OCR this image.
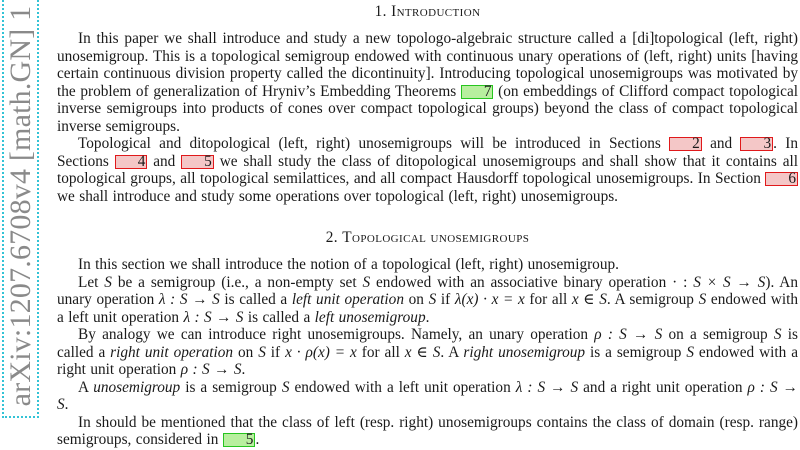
arXiv:1207.6708v4 [math.GN] 1	1. Introduction

In this paper we shall introduce and study a new topologo-algebraic structure called a [di]topological (left, right) unosemigroup. This is a topological semigroup endowed with continuous unary operations of (left, right) units [having certain continuous division property called the dicontinuity]. Introducing topological unosemigroups was motivated by the problem of generalization of Hryniv’s Embedding Theorems 7 (on embeddings of Clifford compact topological inverse semigroups into products of cones over compact topological groups) beyond the class of compact topological inverse semigroups.

Topological and ditopological (left, right) unosemigroups will be introduced in Sections 2 and 3 . In Sections 4 and 5 we shall study the class of ditopological unosemigroups and shall show that it contains all topological groups, all topological semilattices, and all compact Hausdorff topological unosemigroups. In Section 6 we shall introduce and study some operations over topological (left, right) unosemigroups.

2. Topological unosemigroups

In this section we shall introduce the notion of a topological (left, right) unosemigroup.

Let S be a semigroup (i.e., a non-empty set S endowed with an associative binary operation · : S × S → S). An unary operation λ : S → S is called a left unit operation on S if λ(x) · x = x for all x ∈ S. A semigroup S endowed with a left unit operation λ : S → S is called a left unosemigroup.

By analogy we can introduce right unosemigroups. Namely, an unary operation ρ : S → S on a semigroup S is called a right unit operation on S if x · ρ(x) = x for all x ∈ S. A right unosemigroup is a semigroup S endowed with a right unit operation ρ : S → S.

A unosemigroup is a semigroup S endowed with a left unit operation λ : S → S and a right unit operation ρ : S → S.

In should be mentioned that the class of left (resp. right) unosemigroups contains the class of domain (resp. range) semigroups, considered in 5 .
